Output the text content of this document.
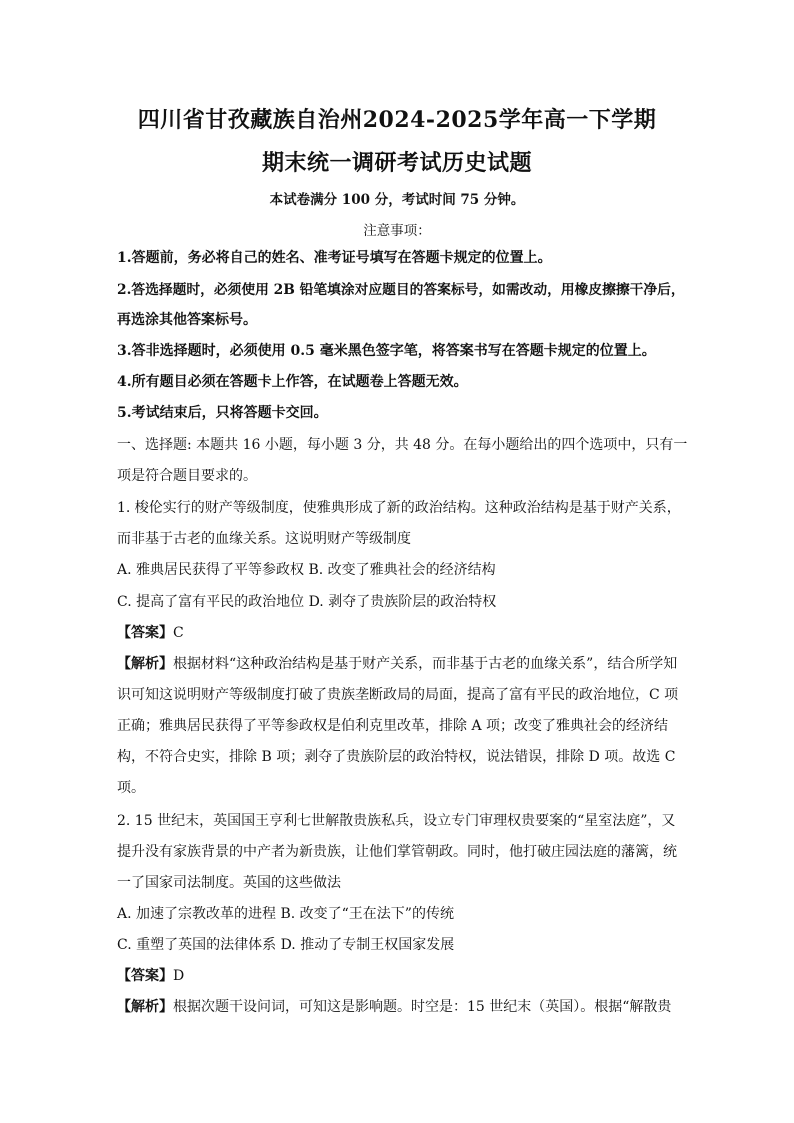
四川省甘孜藏族自治州2024-2025学年高一下学期
期末统一调研考试历史试题
本试卷满分 100 分，考试时间 75 分钟。
注意事项：
1.答题前，务必将自己的姓名、准考证号填写在答题卡规定的位置上。
2.答选择题时，必须使用 2B 铅笔填涂对应题目的答案标号，如需改动，用橡皮擦擦干净后，
再选涂其他答案标号。
3.答非选择题时，必须使用 0.5 毫米黑色签字笔，将答案书写在答题卡规定的位置上。
4.所有题目必须在答题卡上作答，在试题卷上答题无效。
5.考试结束后，只将答题卡交回。
一、选择题: 本题共 16 小题，每小题 3 分，共 48 分。在每小题给出的四个选项中，只有一
项是符合题目要求的。
1. 梭伦实行的财产等级制度，使雅典形成了新的政治结构。这种政治结构是基于财产关系，
而非基于古老的血缘关系。这说明财产等级制度
A. 雅典居民获得了平等参政权 B. 改变了雅典社会的经济结构
C. 提高了富有平民的政治地位 D. 剥夺了贵族阶层的政治特权
【答案】C
【解析】根据材料“这种政治结构是基于财产关系，而非基于古老的血缘关系”，结合所学知
识可知这说明财产等级制度打破了贵族垄断政局的局面，提高了富有平民的政治地位，C 项
正确；雅典居民获得了平等参政权是伯利克里改革，排除 A 项；改变了雅典社会的经济结
构，不符合史实，排除 B 项；剥夺了贵族阶层的政治特权，说法错误，排除 D 项。故选 C
项。
2. 15 世纪末，英国国王亨利七世解散贵族私兵，设立专门审理权贵要案的“星室法庭”，又
提升没有家族背景的中产者为新贵族，让他们掌管朝政。同时，他打破庄园法庭的藩篱，统
一了国家司法制度。英国的这些做法
A. 加速了宗教改革的进程 B. 改变了“王在法下”的传统
C. 重塑了英国的法律体系 D. 推动了专制王权国家发展
【答案】D
【解析】根据次题干设问词，可知这是影响题。时空是：15 世纪末（英国）。根据“解散贵
